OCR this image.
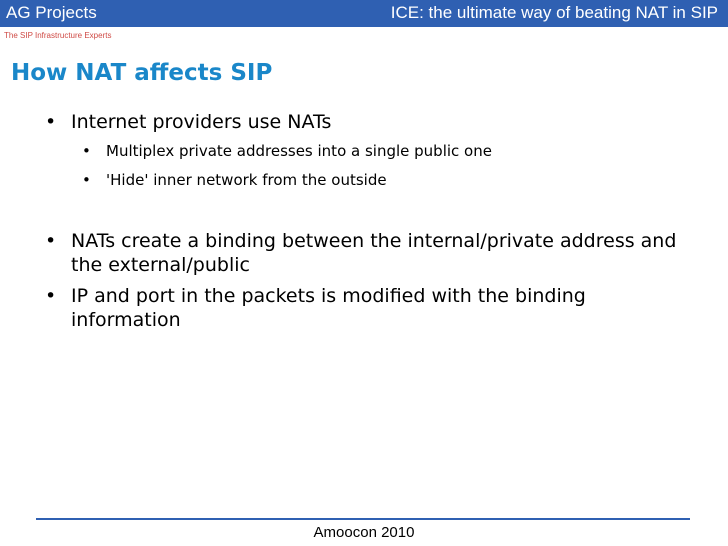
AG Projects	ICE: the ultimate way of beating NAT in SIP
The SIP Infrastructure Experts
How NAT affects SIP
• Internet providers use NATs
• Multiplex private addresses into a single public one
• 'Hide' inner network from the outside
• NATs create a binding between the internal/private address and the external/public
• IP and port in the packets is modified with the binding information
Amoocon 2010
